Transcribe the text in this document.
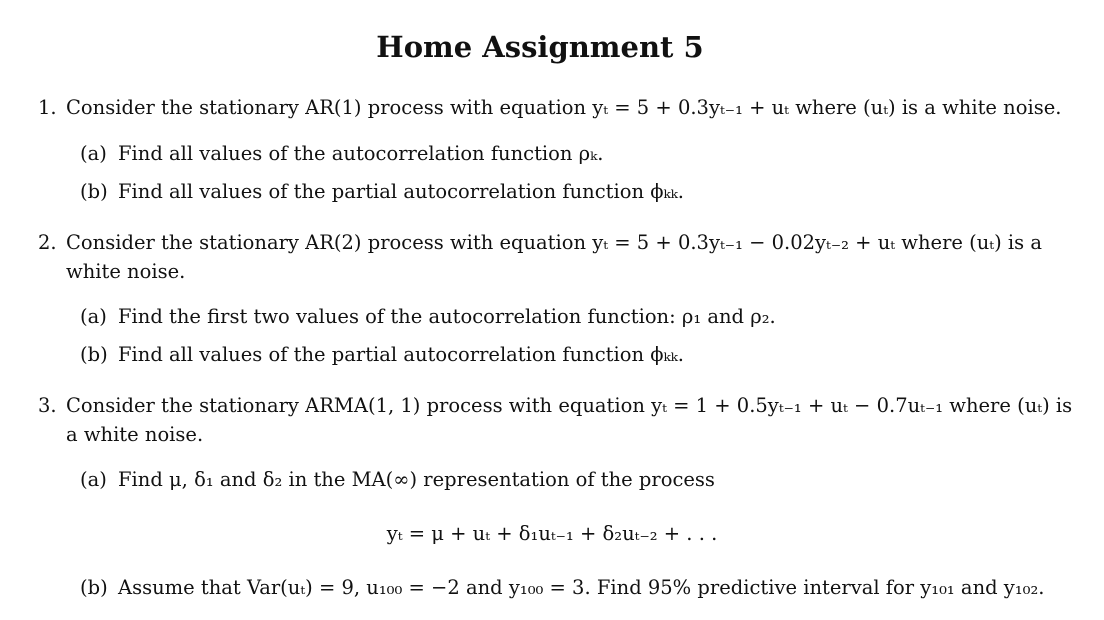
Home Assignment 5
1. Consider the stationary AR(1) process with equation yₜ = 5 + 0.3yₜ₋₁ + uₜ where (uₜ) is a white noise.
(a) Find all values of the autocorrelation function ρₖ.
(b) Find all values of the partial autocorrelation function ϕₖₖ.
2. Consider the stationary AR(2) process with equation yₜ = 5 + 0.3yₜ₋₁ − 0.02yₜ₋₂ + uₜ where (uₜ) is a white noise.
(a) Find the first two values of the autocorrelation function: ρ₁ and ρ₂.
(b) Find all values of the partial autocorrelation function ϕₖₖ.
3. Consider the stationary ARMA(1, 1) process with equation yₜ = 1 + 0.5yₜ₋₁ + uₜ − 0.7uₜ₋₁ where (uₜ) is a white noise.
(a) Find μ, δ₁ and δ₂ in the MA(∞) representation of the process
yₜ = μ + uₜ + δ₁uₜ₋₁ + δ₂uₜ₋₂ + . . .
(b) Assume that Var(uₜ) = 9, u₁₀₀ = −2 and y₁₀₀ = 3. Find 95% predictive interval for y₁₀₁ and y₁₀₂.
